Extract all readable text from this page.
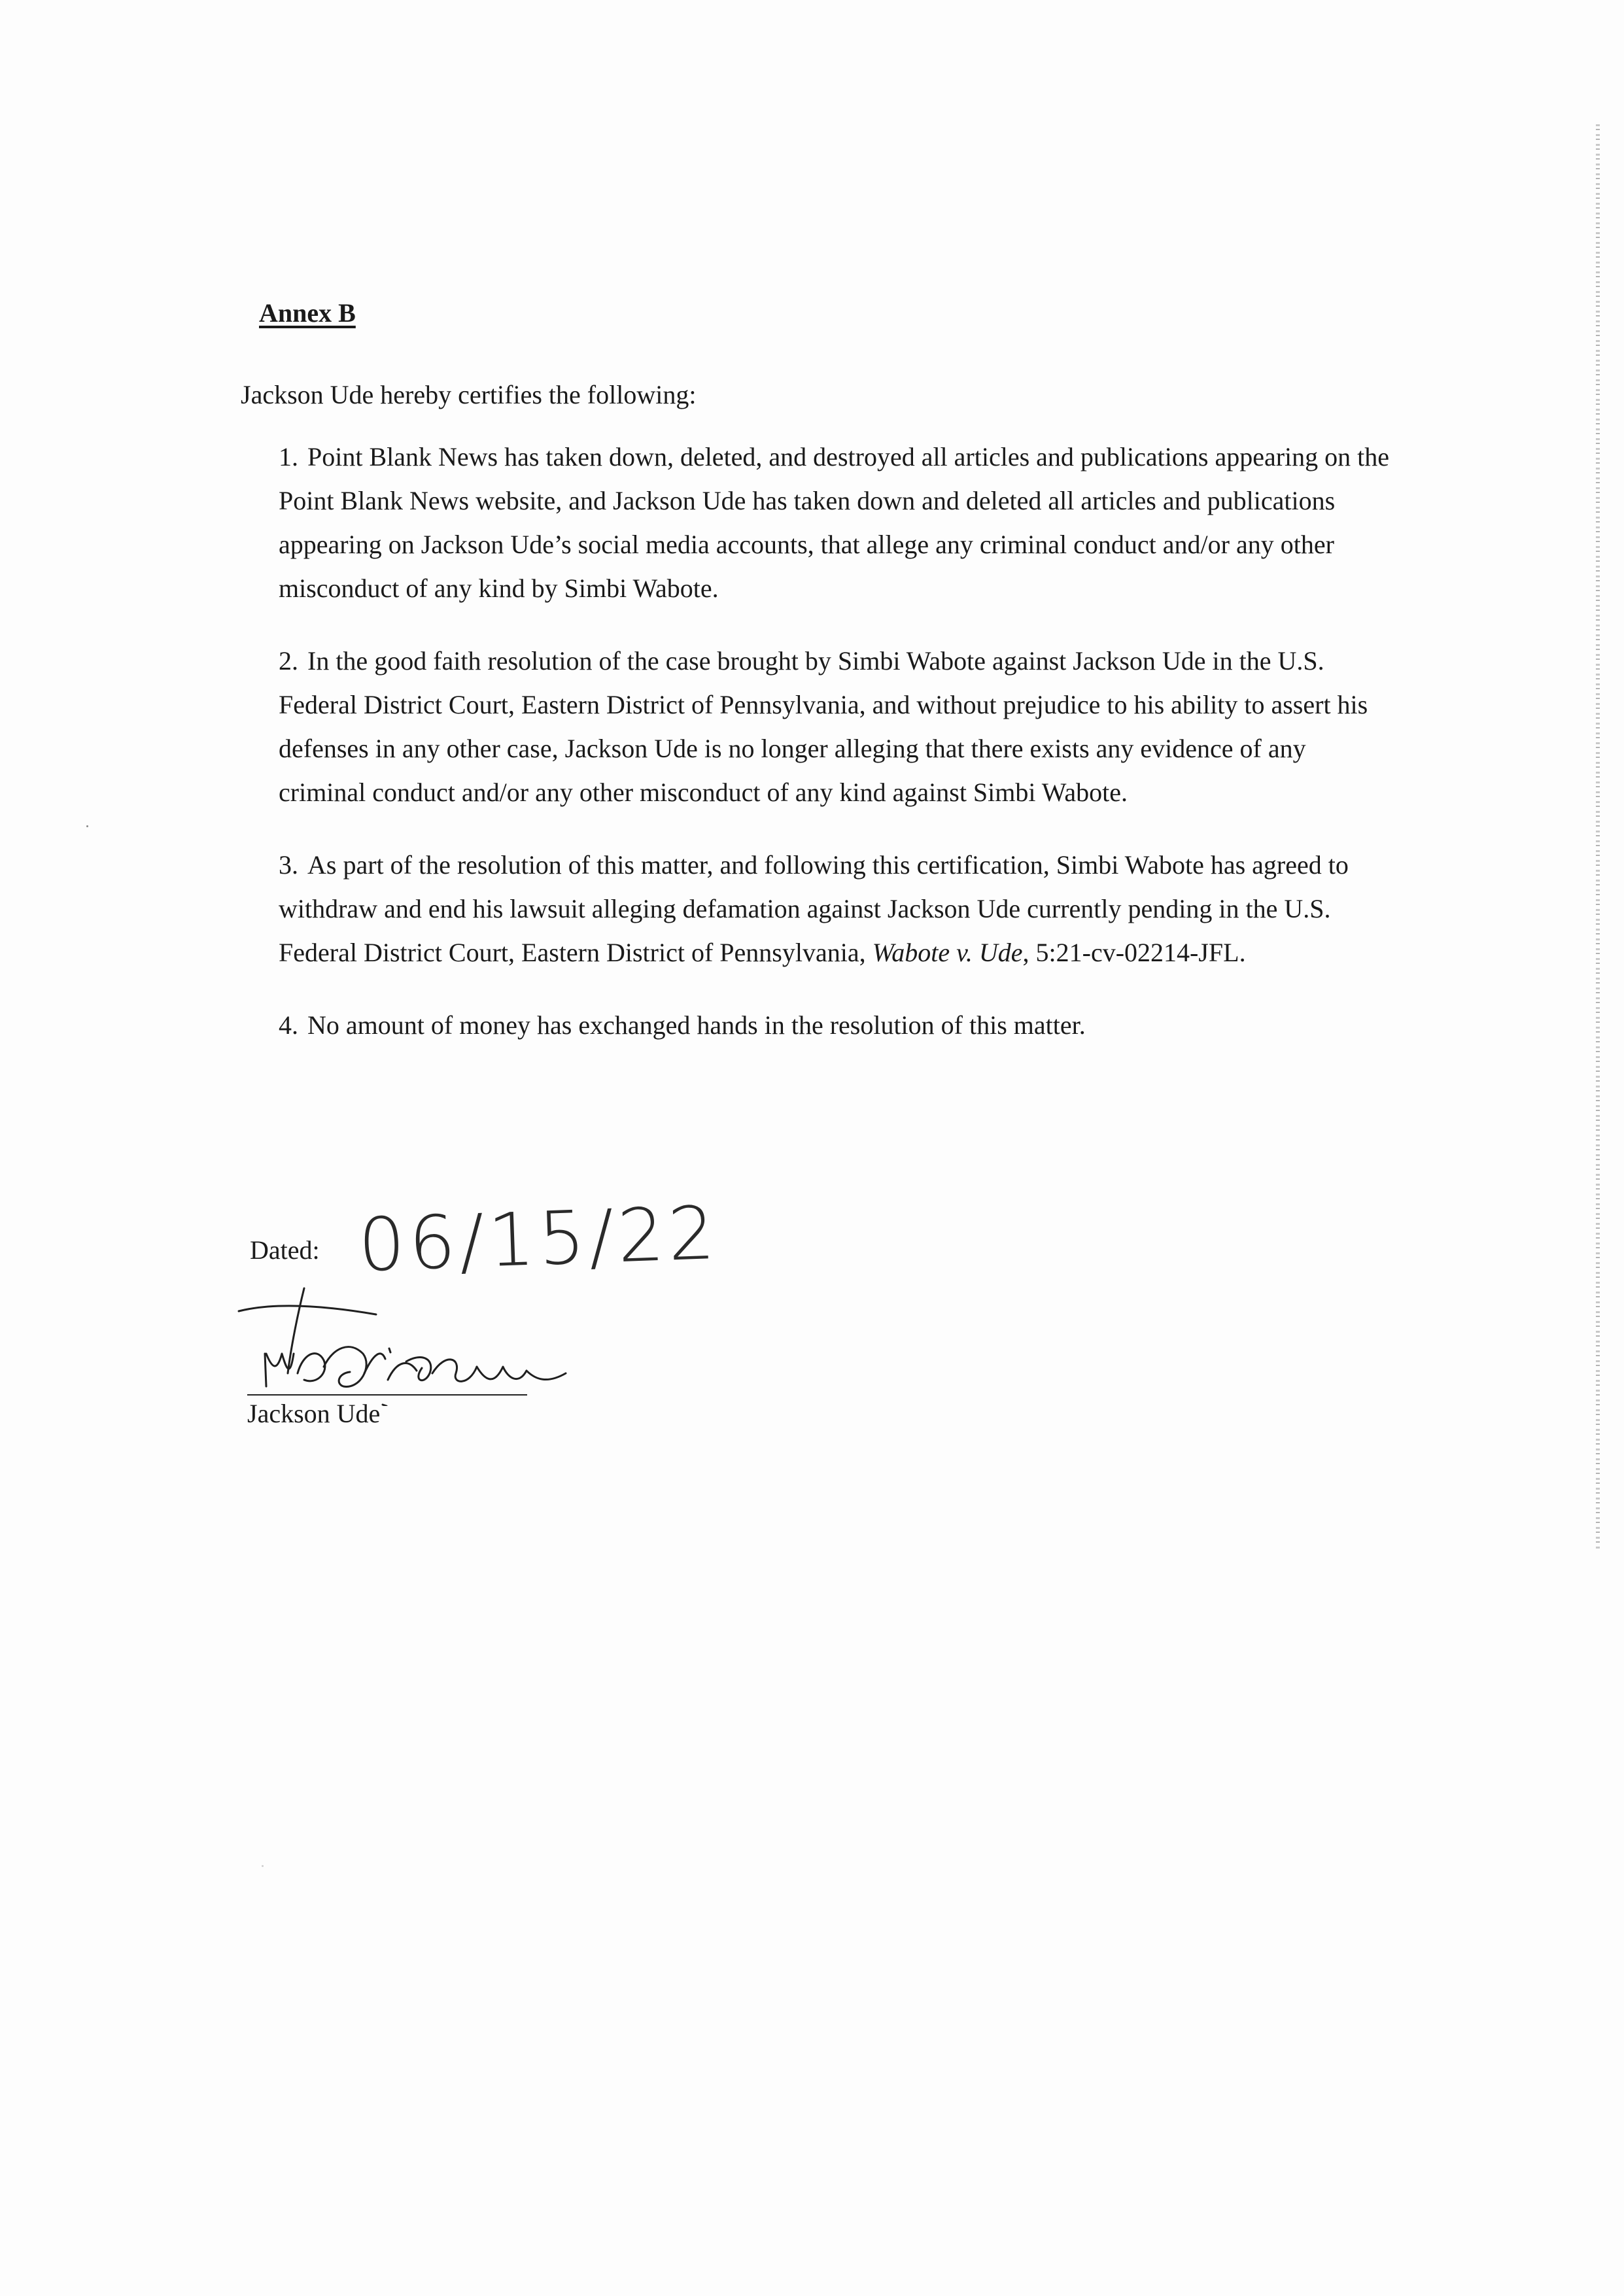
Annex B
Jackson Ude hereby certifies the following:
1. Point Blank News has taken down, deleted, and destroyed all articles and publications appearing on the Point Blank News website, and Jackson Ude has taken down and deleted all articles and publications appearing on Jackson Ude’s social media accounts, that allege any criminal conduct and/or any other misconduct of any kind by Simbi Wabote.
2. In the good faith resolution of the case brought by Simbi Wabote against Jackson Ude in the U.S. Federal District Court, Eastern District of Pennsylvania, and without prejudice to his ability to assert his defenses in any other case, Jackson Ude is no longer alleging that there exists any evidence of any criminal conduct and/or any other misconduct of any kind against Simbi Wabote.
3. As part of the resolution of this matter, and following this certification, Simbi Wabote has agreed to withdraw and end his lawsuit alleging defamation against Jackson Ude currently pending in the U.S. Federal District Court, Eastern District of Pennsylvania, Wabote v. Ude, 5:21-cv-02214-JFL.
4. No amount of money has exchanged hands in the resolution of this matter.
Dated: 06/15/22
Jackson Ude
